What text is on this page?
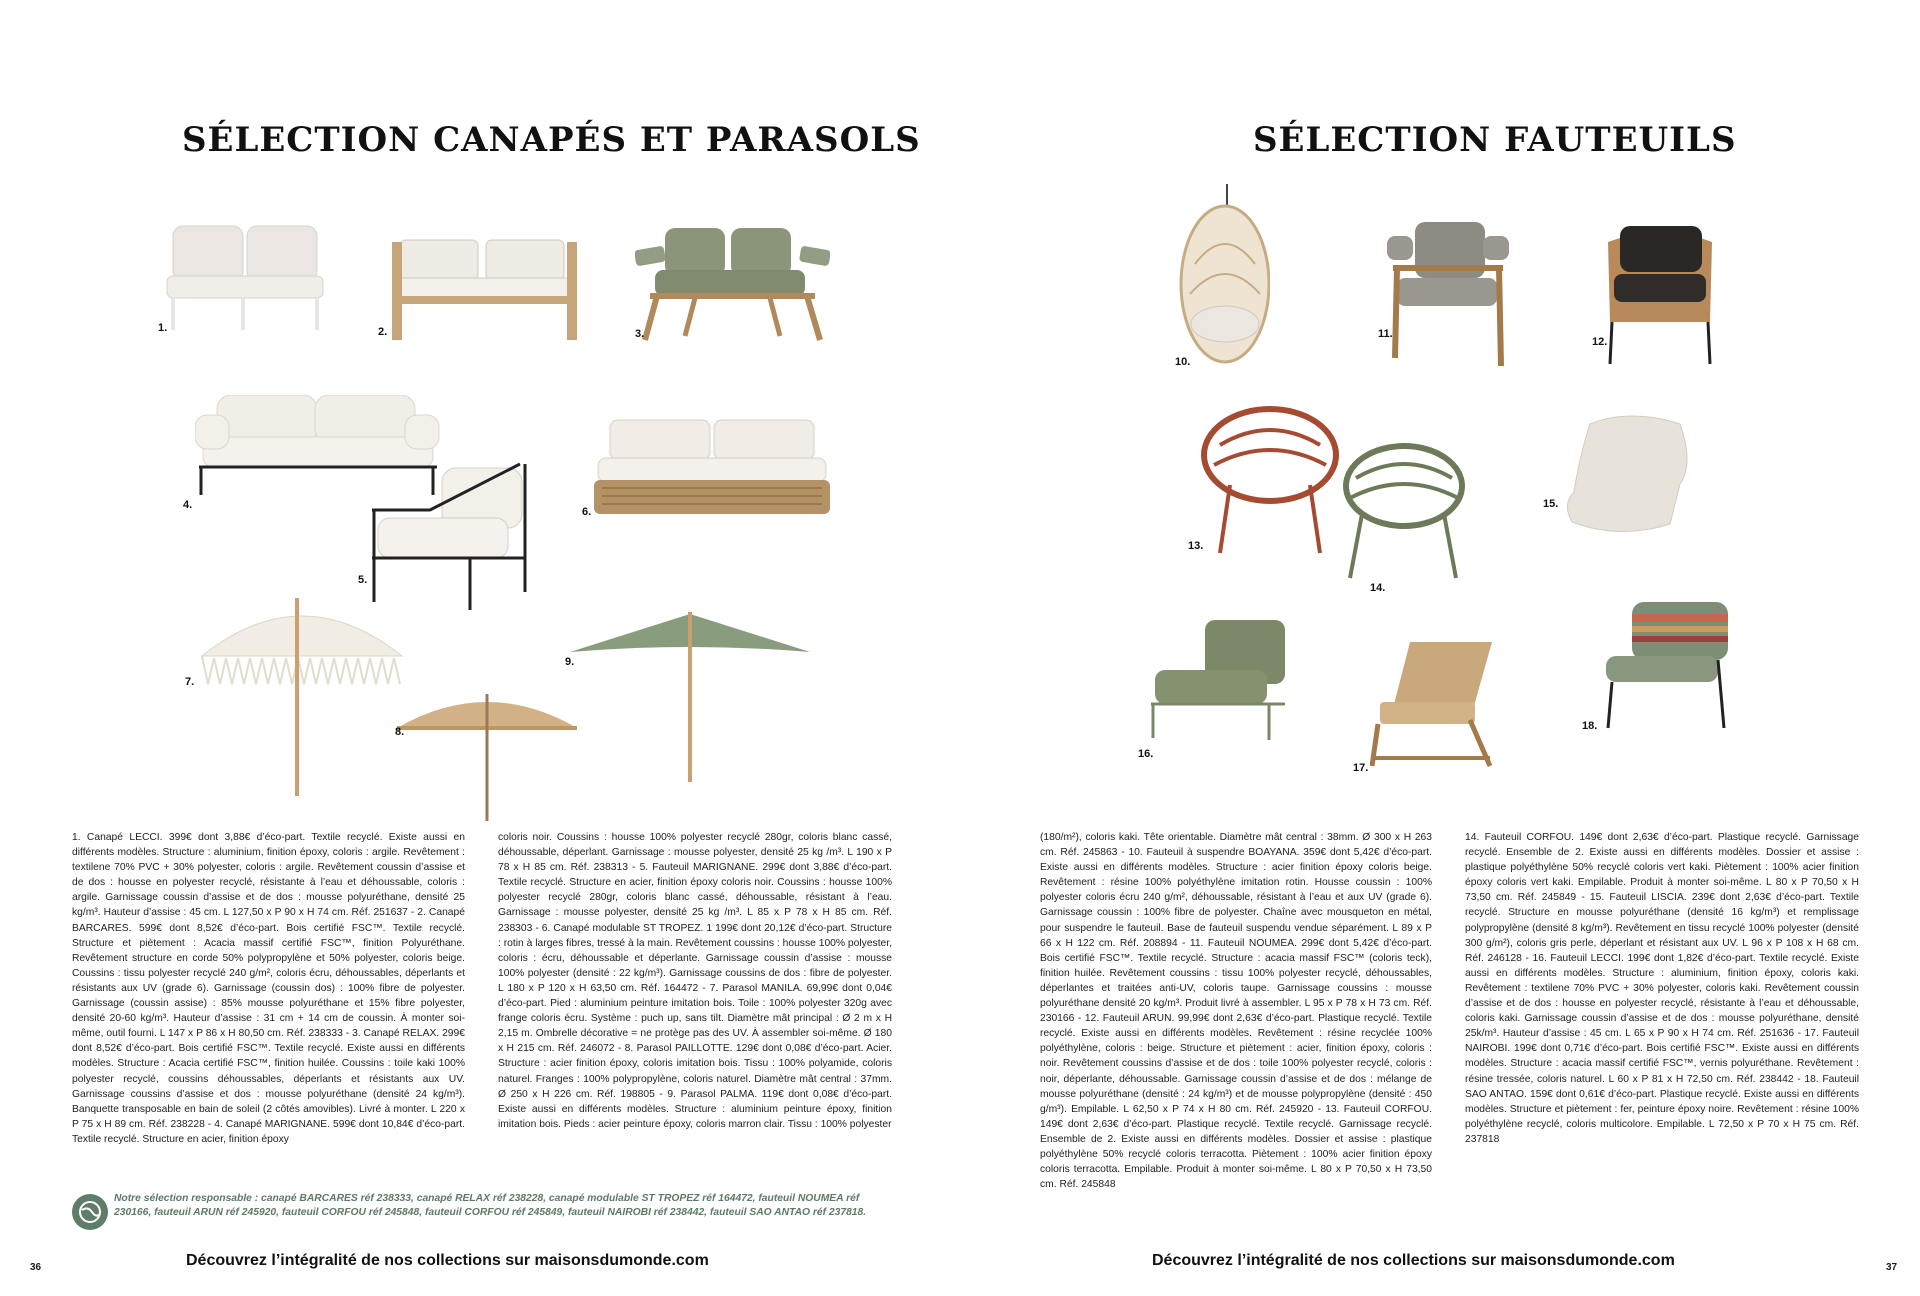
SÉLECTION CANAPÉS ET PARASOLS
1.	2.	3.
4.
5.
6.
7.
8.
9.
1. Canapé LECCI. 399€ dont 3,88€ d’éco-part. Textile recyclé. Existe aussi en différents modèles. Structure : aluminium, finition époxy, coloris : argile. Revêtement : textilene 70% PVC + 30% polyester, coloris : argile. Revêtement coussin d’assise et de dos : housse en polyester recyclé, résistante à l’eau et déhoussable, coloris : argile. Garnissage coussin d’assise et de dos : mousse polyuréthane, densité 25 kg/m³. Hauteur d’assise : 45 cm. L 127,50 x P 90 x H 74 cm. Réf. 251637 - 2. Canapé BARCARES. 599€ dont 8,52€ d’éco-part. Bois certifié FSC™. Textile recyclé. Structure et piètement : Acacia massif certifié FSC™, finition Polyuréthane. Revêtement structure en corde 50% polypropylène et 50% polyester, coloris beige. Coussins : tissu polyester recyclé 240 g/m², coloris écru, déhoussables, déperlants et résistants aux UV (grade 6). Garnissage (coussin dos) : 100% fibre de polyester. Garnissage (coussin assise) : 85% mousse polyuréthane et 15% fibre polyester, densité 20-60 kg/m³. Hauteur d’assise : 31 cm + 14 cm de coussin. À monter soi-même, outil fourni. L 147 x P 86 x H 80,50 cm. Réf. 238333 - 3. Canapé RELAX. 299€ dont 8,52€ d’éco-part. Bois certifié FSC™. Textile recyclé. Existe aussi en différents modèles. Structure : Acacia certifié FSC™, finition huilée. Coussins : toile kaki 100% polyester recyclé, coussins déhoussables, déperlants et résistants aux UV. Garnissage coussins d’assise et dos : mousse polyuréthane (densité 24 kg/m³). Banquette transposable en bain de soleil (2 côtés amovibles). Livré à monter. L 220 x P 75 x H 89 cm. Réf. 238228 - 4. Canapé MARIGNANE. 599€ dont 10,84€ d’éco-part. Textile recyclé. Structure en acier, finition époxy
coloris noir. Coussins : housse 100% polyester recyclé 280gr, coloris blanc cassé, déhoussable, déperlant. Garnissage : mousse polyester, densité 25 kg /m³. L 190 x P 78 x H 85 cm. Réf. 238313 - 5. Fauteuil MARIGNANE. 299€ dont 3,88€ d’éco-part. Textile recyclé. Structure en acier, finition époxy coloris noir. Coussins : housse 100% polyester recyclé 280gr, coloris blanc cassé, déhoussable, résistant à l’eau. Garnissage : mousse polyester, densité 25 kg /m³. L 85 x P 78 x H 85 cm. Réf. 238303 - 6. Canapé modulable ST TROPEZ. 1 199€ dont 20,12€ d’éco-part. Structure : rotin à larges fibres, tressé à la main. Revêtement coussins : housse 100% polyester, coloris : écru, déhoussable et déperlante. Garnissage coussin d’assise : mousse 100% polyester (densité : 22 kg/m³). Garnissage coussins de dos : fibre de polyester. L 180 x P 120 x H 63,50 cm. Réf. 164472 - 7. Parasol MANILA. 69,99€ dont 0,04€ d’éco-part. Pied : aluminium peinture imitation bois. Toile : 100% polyester 320g avec frange coloris écru. Système : puch up, sans tilt. Diamètre mât principal : Ø 2 m x H 2,15 m. Ombrelle décorative = ne protège pas des UV. À assembler soi-même. Ø 180 x H 215 cm. Réf. 246072 - 8. Parasol PAILLOTTE. 129€ dont 0,08€ d’éco-part. Acier. Structure : acier finition époxy, coloris imitation bois. Tissu : 100% polyamide, coloris naturel. Franges : 100% polypropylène, coloris naturel. Diamètre mât central : 37mm. Ø 250 x H 226 cm. Réf. 198805 - 9. Parasol PALMA. 119€ dont 0,08€ d’éco-part. Existe aussi en différents modèles. Structure : aluminium peinture époxy, finition imitation bois. Pieds : acier peinture époxy, coloris marron clair. Tissu : 100% polyester
Notre sélection responsable : canapé BARCARES réf 238333, canapé RELAX réf 238228, canapé modulable ST TROPEZ réf 164472, fauteuil NOUMEA réf 230166, fauteuil ARUN réf 245920, fauteuil CORFOU réf 245848, fauteuil CORFOU réf 245849, fauteuil NAIROBI réf 238442, fauteuil SAO ANTAO réf 237818.
36	Découvrez l’intégralité de nos collections sur maisonsdumonde.com
SÉLECTION FAUTEUILS
10.
11.
12.
13.
14.
15.
16.
17.
18.
(180/m²), coloris kaki. Tête orientable. Diamètre mât central : 38mm. Ø 300 x H 263 cm. Réf. 245863 - 10. Fauteuil à suspendre BOAYANA. 359€ dont 5,42€ d’éco-part. Existe aussi en différents modèles. Structure : acier finition époxy coloris beige. Revêtement : résine 100% polyéthylène imitation rotin. Housse coussin : 100% polyester coloris écru 240 g/m², déhoussable, résistant à l’eau et aux UV (grade 6). Garnissage coussin : 100% fibre de polyester. Chaîne avec mousqueton en métal, pour suspendre le fauteuil. Base de fauteuil suspendu vendue séparément. L 89 x P 66 x H 122 cm. Réf. 208894 - 11. Fauteuil NOUMEA. 299€ dont 5,42€ d’éco-part. Bois certifié FSC™. Textile recyclé. Structure : acacia massif FSC™ (coloris teck), finition huilée. Revêtement coussins : tissu 100% polyester recyclé, déhoussables, déperlantes et traitées anti-UV, coloris taupe. Garnissage coussins : mousse polyuréthane densité 20 kg/m³. Produit livré à assembler. L 95 x P 78 x H 73 cm. Réf. 230166 - 12. Fauteuil ARUN. 99,99€ dont 2,63€ d’éco-part. Plastique recyclé. Textile recyclé. Existe aussi en différents modèles. Revêtement : résine recyclée 100% polyéthylène, coloris : beige. Structure et piètement : acier, finition époxy, coloris : noir. Revêtement coussins d’assise et de dos : toile 100% polyester recyclé, coloris : noir, déperlante, déhoussable. Garnissage coussin d’assise et de dos : mélange de mousse polyuréthane (densité : 24 kg/m³) et de mousse polypropylène (densité : 450 g/m³). Empilable. L 62,50 x P 74 x H 80 cm. Réf. 245920 - 13. Fauteuil CORFOU. 149€ dont 2,63€ d’éco-part. Plastique recyclé. Textile recyclé. Garnissage recyclé. Ensemble de 2. Existe aussi en différents modèles. Dossier et assise : plastique polyéthylène 50% recyclé coloris terracotta. Piètement : 100% acier finition époxy coloris terracotta. Empilable. Produit à monter soi-même. L 80 x P 70,50 x H 73,50 cm. Réf. 245848
14. Fauteuil CORFOU. 149€ dont 2,63€ d’éco-part. Plastique recyclé. Garnissage recyclé. Ensemble de 2. Existe aussi en différents modèles. Dossier et assise : plastique polyéthylène 50% recyclé coloris vert kaki. Piètement : 100% acier finition époxy coloris vert kaki. Empilable. Produit à monter soi-même. L 80 x P 70,50 x H 73,50 cm. Réf. 245849 - 15. Fauteuil LISCIA. 239€ dont 2,63€ d’éco-part. Textile recyclé. Structure en mousse polyuréthane (densité 16 kg/m³) et remplissage polypropylène (densité 8 kg/m³). Revêtement en tissu recyclé 100% polyester (densité 300 g/m²), coloris gris perle, déperlant et résistant aux UV. L 96 x P 108 x H 68 cm. Réf. 246128 - 16. Fauteuil LECCI. 199€ dont 1,82€ d’éco-part. Textile recyclé. Existe aussi en différents modèles. Structure : aluminium, finition époxy, coloris kaki. Revêtement : textilene 70% PVC + 30% polyester, coloris kaki. Revêtement coussin d’assise et de dos : housse en polyester recyclé, résistante à l’eau et déhoussable, coloris kaki. Garnissage coussin d’assise et de dos : mousse polyuréthane, densité 25k/m³. Hauteur d’assise : 45 cm. L 65 x P 90 x H 74 cm. Réf. 251636 - 17. Fauteuil NAIROBI. 199€ dont 0,71€ d’éco-part. Bois certifié FSC™. Existe aussi en différents modèles. Structure : acacia massif certifié FSC™, vernis polyuréthane. Revêtement : résine tressée, coloris naturel. L 60 x P 81 x H 72,50 cm. Réf. 238442 - 18. Fauteuil SAO ANTAO. 159€ dont 0,61€ d’éco-part. Plastique recyclé. Existe aussi en différents modèles. Structure et piètement : fer, peinture époxy noire. Revêtement : résine 100% polyéthylène recyclé, coloris multicolore. Empilable. L 72,50 x P 70 x H 75 cm. Réf. 237818
Découvrez l’intégralité de nos collections sur maisonsdumonde.com	37
